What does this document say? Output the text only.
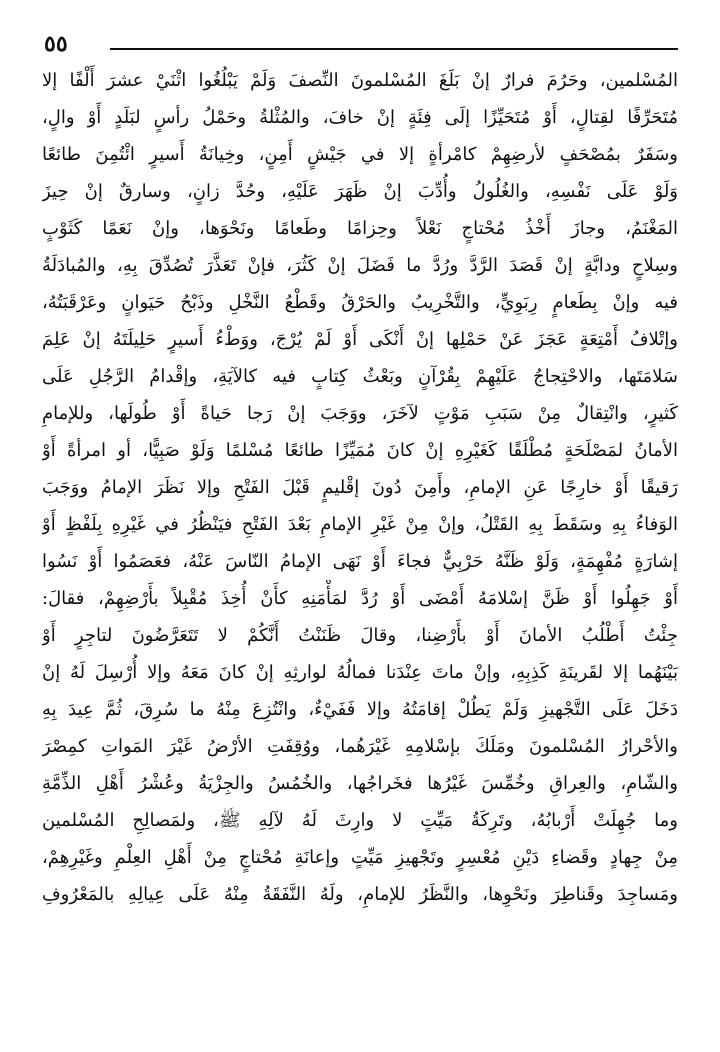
٥٥
المُسْلمين، وحَرُمَ فرارٌ إنْ بَلَغَ المُسْلمونَ النِّصفَ وَلَمْ يَبْلُغُوا اثْنَيْ عشرَ أَلْفًا إلا
مُتَحَرِّفًا لقِتالٍ، أَوْ مُتَحَيِّزًا إلَى فِئَةٍ إنْ خافَ، والمُثْلةُ وحَمْلُ رأسٍ لبَلَدٍ أَوْ والٍ،
وسَفَرٌ بمُصْحَفٍ لأرضِهِمْ كامْرأةٍ إلا في جَيْشٍ أَمِنٍ، وخِيانَةُ أَسيرٍ ائْتُمِنَ طائعًا
وَلَوْ عَلَى نَفْسِهِ، والغُلُولُ وأُدِّبَ إنْ ظَهَرَ عَلَيْهِ، وحُدَّ زانٍ، وسارقٌ إنْ حِيزَ
المَغْنَمُ، وجازَ أَخْذُ مُحْتاجٍ نَعْلاً وحِزامًا وطَعامًا ونَحْوَها، وإنْ نَعَمًا كَثَوْبٍ
وسِلاحٍ ودابَّةٍ إنْ قَصَدَ الرَّدَّ ورُدَّ ما فَضَلَ إنْ كَثُرَ، فإنْ تَعَذَّرَ تُصُدِّقَ بِهِ، والمُبادَلَةُ
فيه وإنْ بِطَعامٍ رِبَوِيٍّ، والتَّخْرِيبُ والحَرْقُ وقَطْعُ النَّخْلِ وذَبْحُ حَيَوانٍ وعَرْقَبَتُهُ،
وإتْلافُ أَمْتِعَةٍ عَجَزَ عَنْ حَمْلِها إنْ أَنْكَى أَوْ لَمْ يُرْجَ، ووَطْءُ أَسيرٍ حَلِيلَتَهُ إنْ عَلِمَ
سَلامَتَها، والاحْتِجاجُ عَلَيْهِمْ بِقُرْآنٍ وبَعْثُ كِتابٍ فيه كالآيَةِ، وإقْدامُ الرَّجُلِ عَلَى
كَثيرٍ، وانْتِقالٌ مِنْ سَبَبِ مَوْتٍ لآخَرَ، ووَجَبَ إنْ رَجا حَياةً أَوْ طُولَها، وللإمامِ
الأمانُ لمَصْلَحَةٍ مُطْلَقًا كَغَيْرِهِ إنْ كانَ مُمَيِّزًا طائعًا مُسْلمًا وَلَوْ صَبِيًّا، أو امرأةً أَوْ
رَقيقًا أَوْ خارِجًا عَنِ الإمامِ، وأَمِنَ دُونَ إقْليمٍ قَبْلَ الفَتْحِ وإلا نَظَرَ الإمامُ ووَجَبَ
الوَفاءُ بِهِ وسَقَطَ بِهِ القَتْلُ، وإنْ مِنْ غَيْرِ الإمامِ بَعْدَ الفَتْحِ فيَنْظُرُ في غَيْرِهِ بِلَفْظٍ أَوْ
إشارَةٍ مُفْهِمَةٍ، وَلَوْ ظَنَّهُ حَرْبِيٌّ فجاءَ أَوْ نَهَى الإمامُ النّاسَ عَنْهُ، فعَصَمُوا أَوْ نَسُوا
أَوْ جَهِلُوا أَوْ ظَنَّ إسْلامَهُ أَمْضَى أَوْ رُدَّ لمَأْمَنِهِ كأَنْ أُخِذَ مُقْبِلاً بأَرْضِهِمْ، فقالَ:
جِئْتُ أَطْلُبُ الأمانَ أَوْ بأَرْضِنا، وقالَ ظَنَنْتُ أَنَّكُمْ لا تَتَعَرَّضُونَ لتاجِرٍ أَوْ
بَيْنَهُما إلا لقَرينَةِ كَذِبِهِ، وإنْ ماتَ عِنْدَنا فمالُهُ لوارثِهِ إنْ كانَ مَعَهُ وإلا أُرْسِلَ لَهُ إنْ
دَخَلَ عَلَى التَّجْهيزِ وَلَمْ يَطُلْ إقامَتُهُ وإلا فَفَيْءٌ، وانْتُزِعَ مِنْهُ ما سُرِقَ، ثُمَّ عِيدَ بِهِ
والأحْرارُ المُسْلمونَ ومَلَكَ بإسْلامِهِ غَيْرَهُما، ووُقِفَتِ الأرْضُ غَيْرَ المَواتِ كمِصْرَ
والشّامِ، والعِراقِ وخُمِّسَ غَيْرُها فخَراجُها، والخُمُسُ والجِزْيَةُ وعُشْرُ أَهْلِ الذِّمَّةِ
وما جُهِلَتْ أَرْبابُهُ، وتَرِكَةُ مَيِّتٍ لا وارِثَ لَهُ لآلِهِ ﷺ، ولمَصالِحِ المُسْلمين
مِنْ جِهادٍ وقَضاءِ دَيْنِ مُعْسِرٍ وتَجْهيزِ مَيِّتٍ وإعانَةِ مُحْتاجٍ مِنْ أَهْلِ العِلْمِ وغَيْرِهِمْ،
ومَساجِدَ وقَناطِرَ ونَحْوِها، والنَّظَرُ للإمامِ، ولَهُ النَّفَقَةُ مِنْهُ عَلَى عِيالِهِ بالمَعْرُوفِ
